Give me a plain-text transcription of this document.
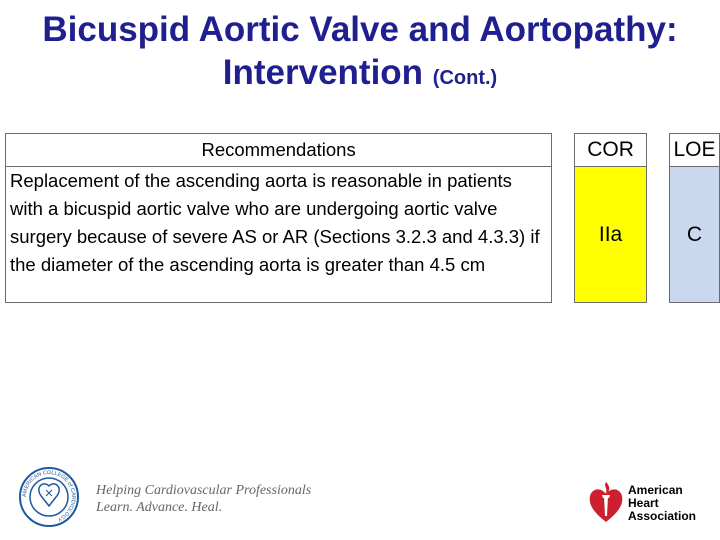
Bicuspid Aortic Valve and Aortopathy:
Intervention (Cont.)
Recommendations		COR		LOE
Replacement of the ascending aorta is reasonable in patients with a bicuspid aortic valve who are undergoing aortic valve surgery because of severe AS or AR (Sections 3.2.3 and 4.3.3) if the diameter of the ascending aorta is greater than 4.5 cm		IIa		C
AMERICAN COLLEGE of CARDIOLOGY
Helping Cardiovascular Professionals
Learn. Advance. Heal.
American
Heart
Association
